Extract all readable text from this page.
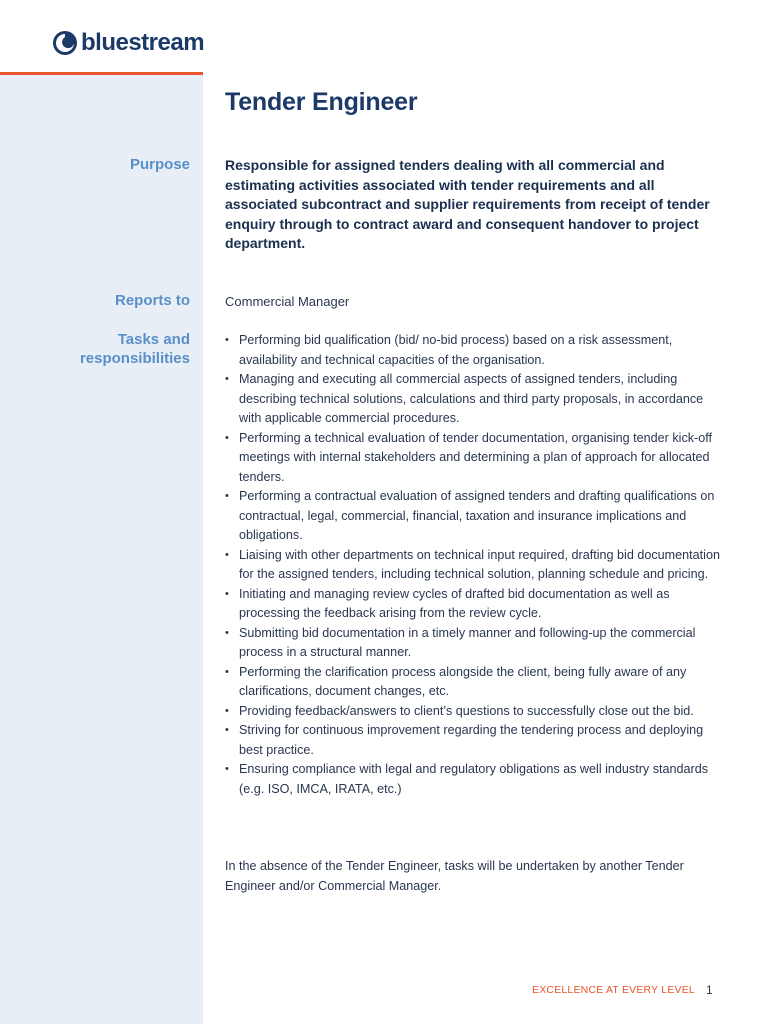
bluestream
Tender Engineer
Purpose	Responsible for assigned tenders dealing with all commercial and estimating activities associated with tender requirements and all associated subcontract and supplier requirements from receipt of tender enquiry through to contract award and consequent handover to project department.

Reports to	Commercial Manager

Tasks and
responsibilities
• Performing bid qualification (bid/ no-bid process) based on a risk assessment, availability and technical capacities of the organisation.
• Managing and executing all commercial aspects of assigned tenders, including describing technical solutions, calculations and third party proposals, in accordance with applicable commercial procedures.
• Performing a technical evaluation of tender documentation, organising tender kick-off meetings with internal stakeholders and determining a plan of approach for allocated tenders.
• Performing a contractual evaluation of assigned tenders and drafting qualifications on contractual, legal, commercial, financial, taxation and insurance implications and obligations.
• Liaising with other departments on technical input required, drafting bid documentation for the assigned tenders, including technical solution, planning schedule and pricing.
• Initiating and managing review cycles of drafted bid documentation as well as processing the feedback arising from the review cycle.
• Submitting bid documentation in a timely manner and following-up the commercial process in a structural manner.
• Performing the clarification process alongside the client, being fully aware of any clarifications, document changes, etc.
• Providing feedback/answers to client’s questions to successfully close out the bid.
• Striving for continuous improvement regarding the tendering process and deploying best practice.
• Ensuring compliance with legal and regulatory obligations as well industry standards (e.g. ISO, IMCA, IRATA, etc.)

In the absence of the Tender Engineer, tasks will be undertaken by another Tender Engineer and/or Commercial Manager.

EXCELLENCE AT EVERY LEVEL 1
